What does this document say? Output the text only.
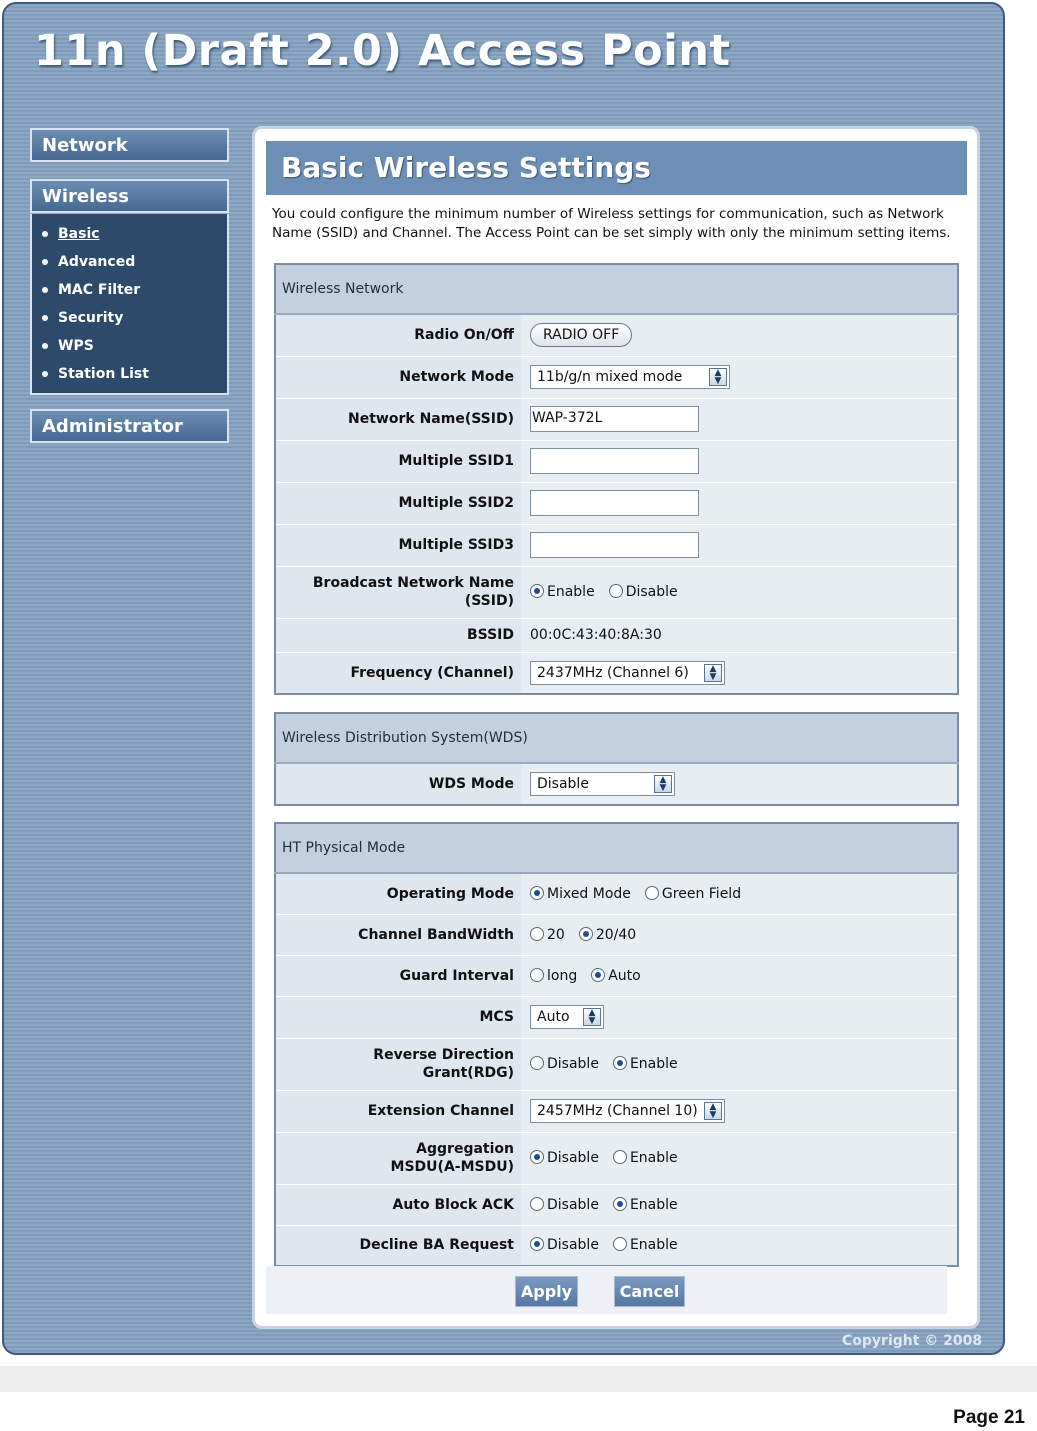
11n (Draft 2.0) Access Point
Network
Wireless
Basic
Advanced
MAC Filter
Security
WPS
Station List
Administrator
Basic Wireless Settings
You could configure the minimum number of Wireless settings for communication, such as Network
Name (SSID) and Channel. The Access Point can be set simply with only the minimum setting items.
Wireless Network	
Radio On/Off	RADIO OFF
Network Mode	11b/g/n mixed mode ▲
▼

Network Name(SSID)	WAP-372L
Multiple SSID1	
Multiple SSID2	
Multiple SSID3	

Broadcast Network Name
(SSID)	Enable Disable
BSSID	00:0C:43:40:8A:30
Frequency (Channel)	2437MHz (Channel 6) ▲
▼
Wireless Distribution System(WDS)
WDS Mode	Disable	▲
▼
HT Physical Mode	
Operating Mode	Mixed Mode Green Field
Channel BandWidth	20 20/40
Guard Interval	long Auto
MCS	Auto ▲
▼

Reverse Direction
Grant(RDG)	Disable Enable
Extension Channel	2457MHz (Channel 10) ▲
▼

Aggregation
MSDU(A-MSDU)	Disable Enable
Auto Block ACK	Disable Enable
Decline BA Request	Disable Enable
Apply	Cancel
Copyright © 2008
Page 21
